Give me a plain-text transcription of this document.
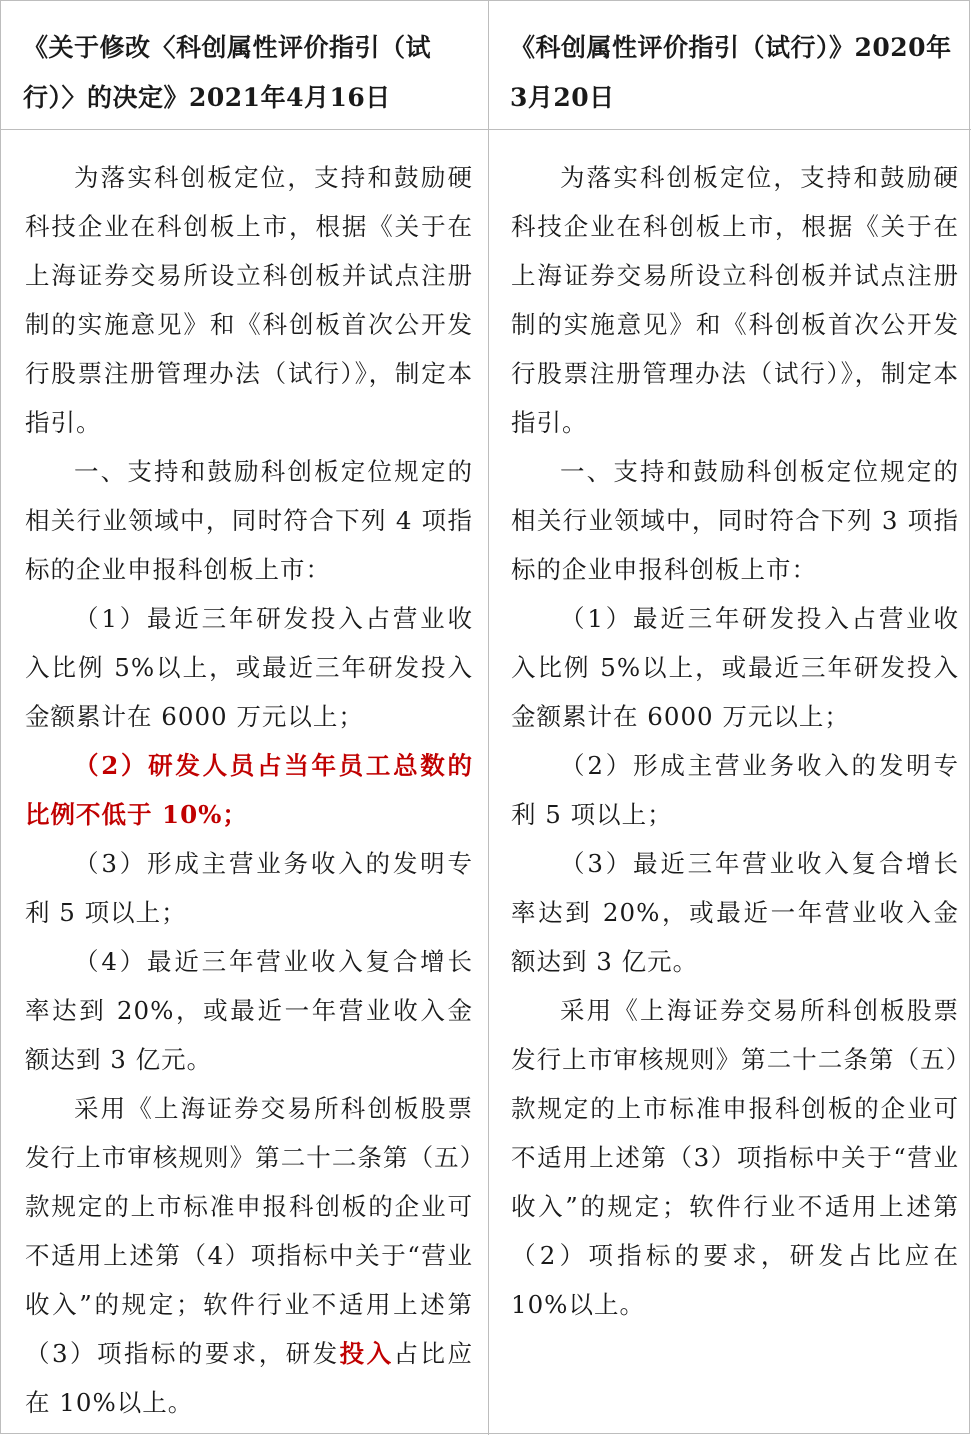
《关于修改〈科创属性评价指引（试行）〉的决定》2021年4月16日

《科创属性评价指引（试行）》2020年3月20日

为落实科创板定位，支持和鼓励硬科技企业在科创板上市，根据《关于在上海证券交易所设立科创板并试点注册制的实施意见》和《科创板首次公开发行股票注册管理办法（试行）》，制定本指引。

一、支持和鼓励科创板定位规定的相关行业领域中，同时符合下列 4 项指标的企业申报科创板上市：

（1）最近三年研发投入占营业收入比例 5%以上，或最近三年研发投入金额累计在 6000 万元以上；

（2）研发人员占当年员工总数的比例不低于 10%；

（3）形成主营业务收入的发明专利 5 项以上；

（4）最近三年营业收入复合增长率达到 20%，或最近一年营业收入金额达到 3 亿元。

采用《上海证券交易所科创板股票发行上市审核规则》第二十二条第（五）款规定的上市标准申报科创板的企业可不适用上述第（4）项指标中关于“营业收入”的规定；软件行业不适用上述第（3）项指标的要求，研发投入占比应在 10%以上。

为落实科创板定位，支持和鼓励硬科技企业在科创板上市，根据《关于在上海证券交易所设立科创板并试点注册制的实施意见》和《科创板首次公开发行股票注册管理办法（试行）》，制定本指引。

一、支持和鼓励科创板定位规定的相关行业领域中，同时符合下列 3 项指标的企业申报科创板上市：

（1）最近三年研发投入占营业收入比例 5%以上，或最近三年研发投入金额累计在 6000 万元以上；

（2）形成主营业务收入的发明专利 5 项以上；

（3）最近三年营业收入复合增长率达到 20%，或最近一年营业收入金额达到 3 亿元。

采用《上海证券交易所科创板股票发行上市审核规则》第二十二条第（五）款规定的上市标准申报科创板的企业可不适用上述第（3）项指标中关于“营业收入”的规定；软件行业不适用上述第（2）项指标的要求，研发占比应在 10%以上。
